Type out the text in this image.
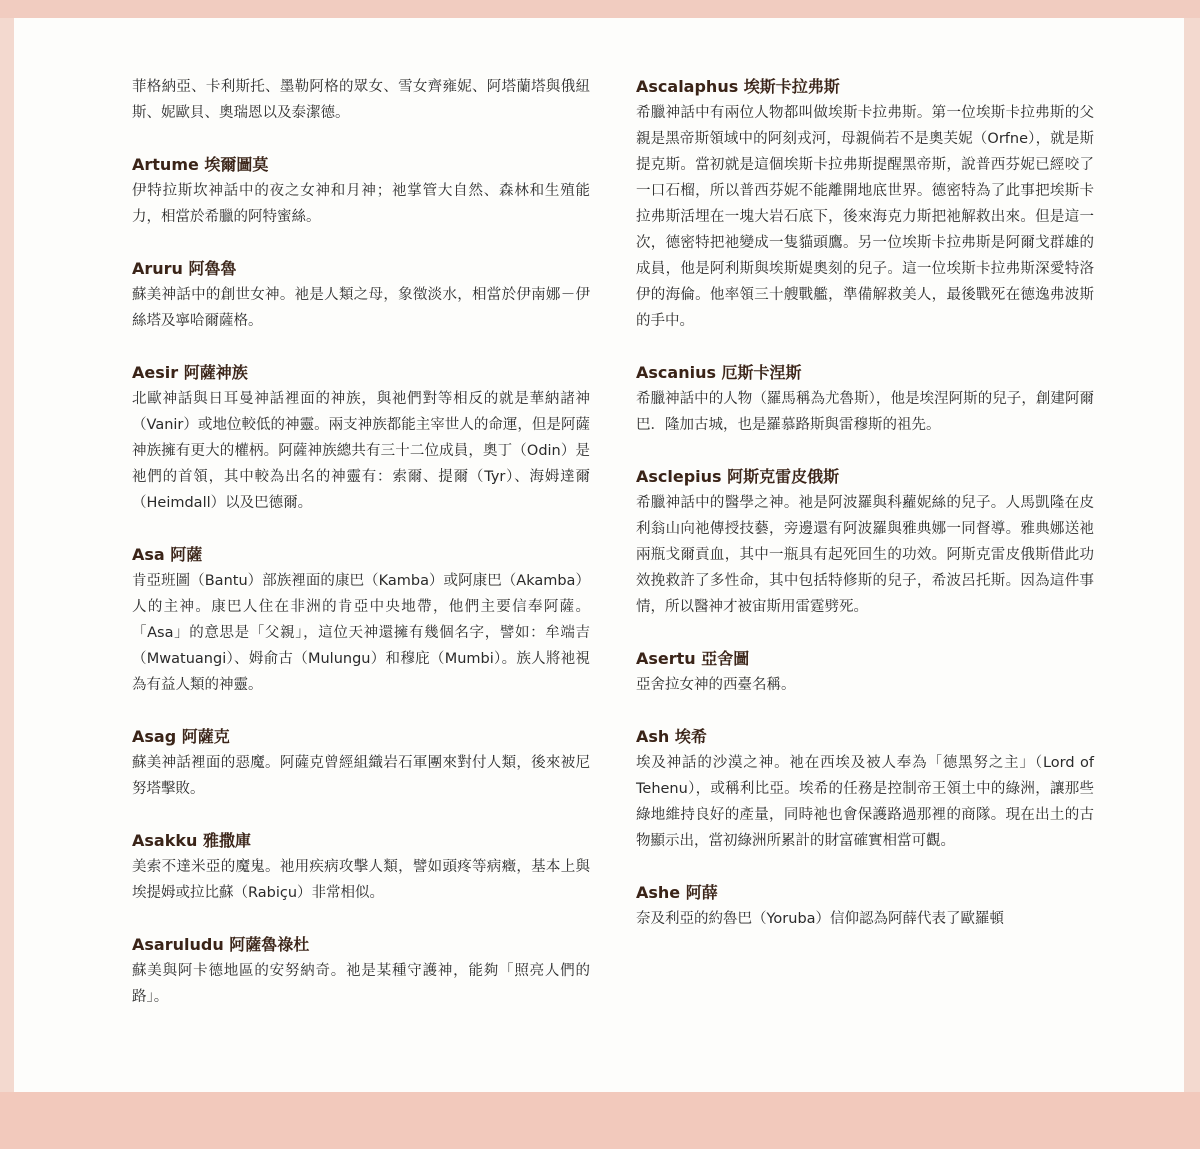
菲格納亞、卡利斯托、墨勒阿格的眾女、雪女齊雍妮、阿塔蘭塔與俄紐斯、妮歐貝、奧瑞恩以及泰潔德。

Artume 埃爾圖莫

伊特拉斯坎神話中的夜之女神和月神；祂掌管大自然、森林和生殖能力，相當於希臘的阿特蜜絲。

Aruru 阿魯魯

蘇美神話中的創世女神。祂是人類之母，象徵淡水，相當於伊南娜－伊絲塔及寧哈爾薩格。

Aesir 阿薩神族

北歐神話與日耳曼神話裡面的神族，與祂們對等相反的就是華納諸神（Vanir）或地位較低的神靈。兩支神族都能主宰世人的命運，但是阿薩神族擁有更大的權柄。阿薩神族總共有三十二位成員，奧丁（Odin）是祂們的首領，其中較為出名的神靈有：索爾、提爾（Tyr）、海姆達爾（Heimdall）以及巴德爾。

Asa 阿薩

肯亞班圖（Bantu）部族裡面的康巴（Kamba）或阿康巴（Akamba）人的主神。康巴人住在非洲的肯亞中央地帶，他們主要信奉阿薩。「Asa」的意思是「父親」，這位天神還擁有幾個名字，譬如：牟端吉（Mwatuangi）、姆俞古（Mulungu）和穆庇（Mumbi）。族人將祂視為有益人類的神靈。

Asag 阿薩克

蘇美神話裡面的惡魔。阿薩克曾經組織岩石軍團來對付人類，後來被尼努塔擊敗。

Asakku 雅撒庫

美索不達米亞的魔鬼。祂用疾病攻擊人類，譬如頭疼等病癥，基本上與埃提姆或拉比蘇（Rabiçu）非常相似。

Asaruludu 阿薩魯祿杜

蘇美與阿卡德地區的安努納奇。祂是某種守護神，能夠「照亮人們的路」。

Ascalaphus 埃斯卡拉弗斯

希臘神話中有兩位人物都叫做埃斯卡拉弗斯。第一位埃斯卡拉弗斯的父親是黑帝斯領域中的阿刻戎河，母親倘若不是奧芙妮（Orfne），就是斯提克斯。當初就是這個埃斯卡拉弗斯提醒黑帝斯，說普西芬妮已經咬了一口石榴，所以普西芬妮不能離開地底世界。德密特為了此事把埃斯卡拉弗斯活埋在一塊大岩石底下，後來海克力斯把祂解救出來。但是這一次，德密特把祂變成一隻貓頭鷹。另一位埃斯卡拉弗斯是阿爾戈群雄的成員，他是阿利斯與埃斯媞奧刻的兒子。這一位埃斯卡拉弗斯深愛特洛伊的海倫。他率領三十艘戰艦，準備解救美人，最後戰死在德逸弗波斯的手中。

Ascanius 厄斯卡涅斯

希臘神話中的人物（羅馬稱為尤魯斯），他是埃涅阿斯的兒子，創建阿爾巴．隆加古城，也是羅慕路斯與雷穆斯的祖先。

Asclepius 阿斯克雷皮俄斯

希臘神話中的醫學之神。祂是阿波羅與科蘿妮絲的兒子。人馬凱隆在皮利翁山向祂傳授技藝，旁邊還有阿波羅與雅典娜一同督導。雅典娜送祂兩瓶戈爾貢血，其中一瓶具有起死回生的功效。阿斯克雷皮俄斯借此功效挽救許了多性命，其中包括特修斯的兒子，希波呂托斯。因為這件事情，所以醫神才被宙斯用雷霆劈死。

Asertu 亞舍圖

亞舍拉女神的西臺名稱。

Ash 埃希

埃及神話的沙漠之神。祂在西埃及被人奉為「德黑努之主」（Lord of Tehenu），或稱利比亞。埃希的任務是控制帝王領土中的綠洲，讓那些綠地維持良好的產量，同時祂也會保護路過那裡的商隊。現在出土的古物顯示出，當初綠洲所累計的財富確實相當可觀。

Ashe 阿薛

奈及利亞的約魯巴（Yoruba）信仰認為阿薛代表了歐羅頓
